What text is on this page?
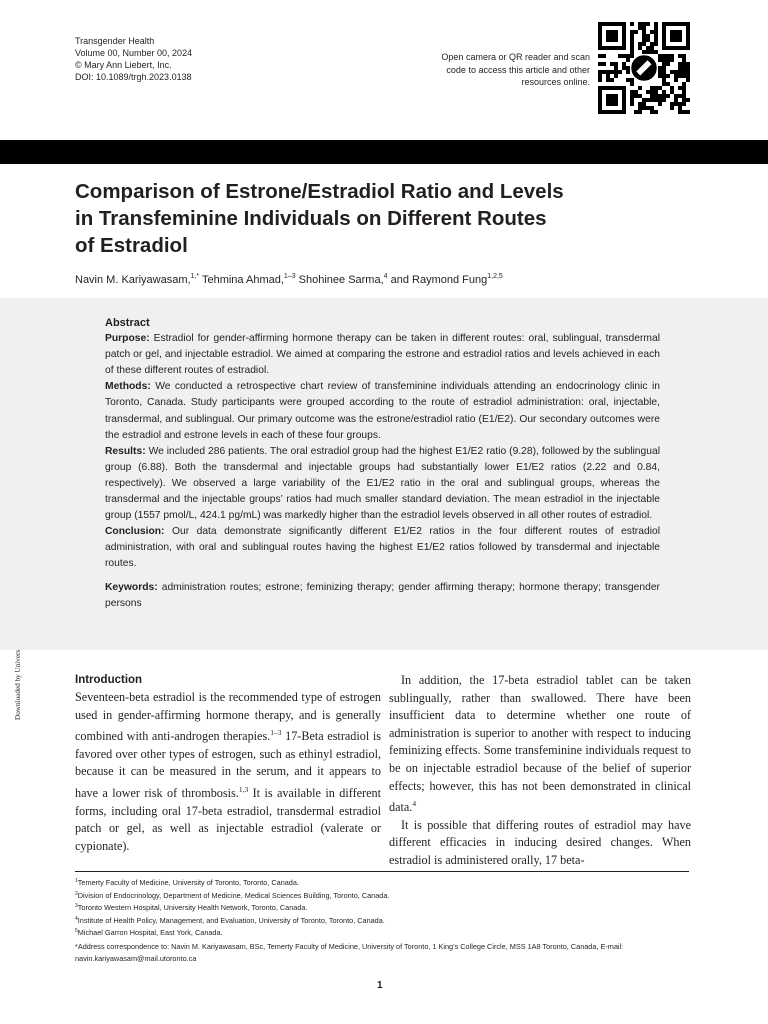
Transgender Health
Volume 00, Number 00, 2024
© Mary Ann Liebert, Inc.
DOI: 10.1089/trgh.2023.0138
Open camera or QR reader and scan code to access this article and other resources online.
Comparison of Estrone/Estradiol Ratio and Levels
in Transfeminine Individuals on Different Routes
of Estradiol
Navin M. Kariyawasam,$^{1,*}$ Tehmina Ahmad,$^{1-3}$ Shohinee Sarma,$^4$ and Raymond Fung$^{1,2,5}$
Abstract

Purpose: Estradiol for gender-affirming hormone therapy can be taken in different routes: oral, sublingual, transdermal patch or gel, and injectable estradiol. We aimed at comparing the estrone and estradiol ratios and levels achieved in each of these different routes of estradiol.

Methods: We conducted a retrospective chart review of transfeminine individuals attending an endocrinology clinic in Toronto, Canada. Study participants were grouped according to the route of estradiol administration: oral, injectable, transdermal, and sublingual. Our primary outcome was the estrone/estradiol ratio (E1/E2). Our secondary outcomes were the estradiol and estrone levels in each of these four groups.

Results: We included 286 patients. The oral estradiol group had the highest E1/E2 ratio (9.28), followed by the sublingual group (6.88). Both the transdermal and injectable groups had substantially lower E1/E2 ratios (2.22 and 0.84, respectively). We observed a large variability of the E1/E2 ratio in the oral and sublingual groups, whereas the transdermal and the injectable groups’ ratios had much smaller standard deviation. The mean estradiol in the injectable group (1557 pmol/L, 424.1 pg/mL) was markedly higher than the estradiol levels observed in all other routes of estradiol.

Conclusion: Our data demonstrate significantly different E1/E2 ratios in the four different routes of estradiol administration, with oral and sublingual routes having the highest E1/E2 ratios followed by transdermal and injectable routes.

Keywords: administration routes; estrone; feminizing therapy; gender affirming therapy; hormone therapy; transgender persons

Introduction

Seventeen-beta estradiol is the recommended type of estrogen used in gender-affirming hormone therapy, and is generally combined with anti-androgen therapies.$^{1-3}$ 17-Beta estradiol is favored over other types of estrogen, such as ethinyl estradiol, because it can be measured in the serum, and it appears to have a lower risk of thrombosis.$^{1,3}$ It is available in different forms, including oral 17-beta estradiol, transdermal estradiol patch or gel, as well as injectable estradiol (valerate or cypionate).

In addition, the 17-beta estradiol tablet can be taken sublingually, rather than swallowed. There have been insufficient data to determine whether one route of administration is superior to another with respect to inducing feminizing effects. Some transfeminine individuals request to be on injectable estradiol because of the belief of superior effects; however, this has not been demonstrated in clinical data.$^4$

It is possible that differing routes of estradiol may have different efficacies in inducing desired changes. When estradiol is administered orally, 17 beta-

$^1$Temerty Faculty of Medicine, University of Toronto, Toronto, Canada.
$^2$Division of Endocrinology, Department of Medicine, Medical Sciences Building, Toronto, Canada.
$^3$Toronto Western Hospital, University Health Network, Toronto, Canada.
$^4$Institute of Health Policy, Management, and Evaluation, University of Toronto, Toronto, Canada.
$^5$Michael Garron Hospital, East York, Canada.
*Address correspondence to: Navin M. Kariyawasam, BSc, Temerty Faculty of Medicine, University of Toronto, 1 King’s College Circle, MSS 1A8 Toronto, Canada, E-mail: navin.kariyawasam@mail.utoronto.ca
1
